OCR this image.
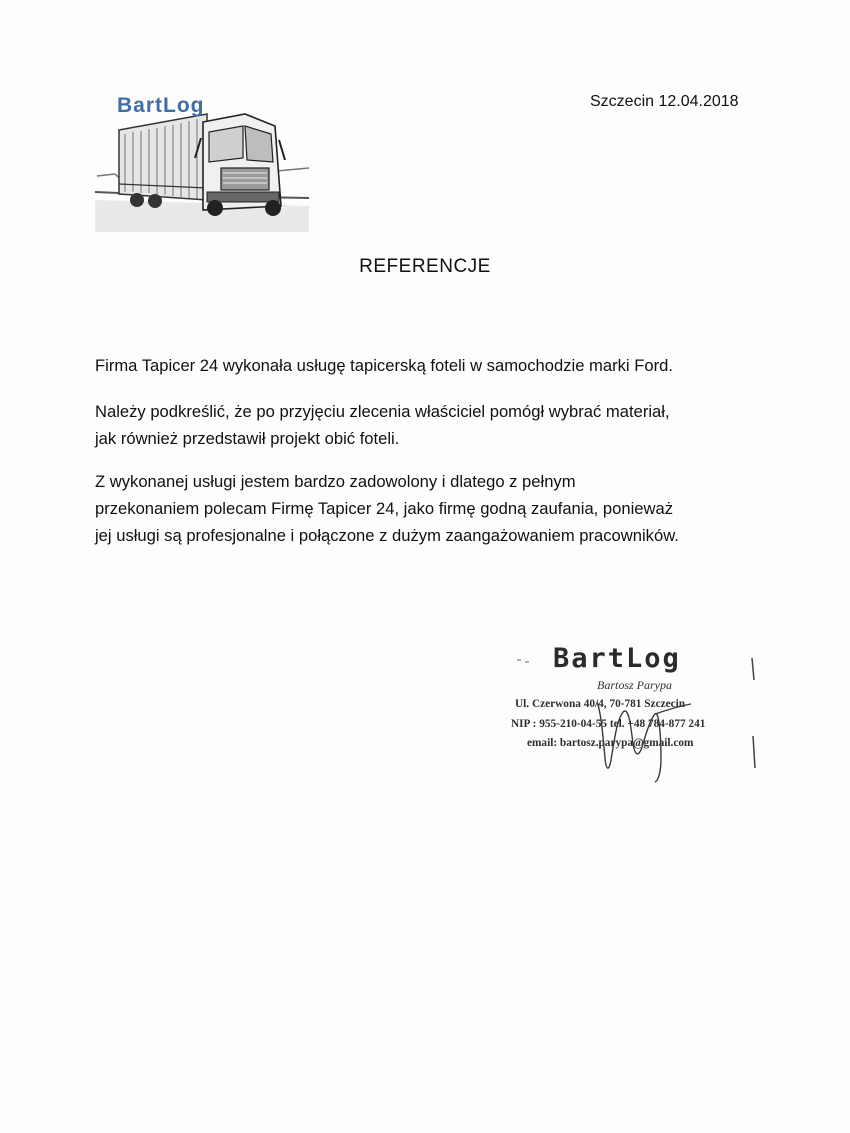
BartLog	Szczecin 12.04.2018
REFERENCJE
Firma Tapicer 24 wykonała usługę tapicerską foteli w samochodzie marki Ford.
Należy podkreślić, że po przyjęciu zlecenia właściciel pomógł wybrać materiał,
jak również przedstawił projekt obić foteli.
Z wykonanej usługi jestem bardzo zadowolony i dlatego z pełnym
przekonaniem polecam Firmę Tapicer 24, jako firmę godną zaufania, ponieważ
jej usługi są profesjonalne i połączone z dużym zaangażowaniem pracowników.
BartLog
Bartosz Parypa
Ul. Czerwona 40/4, 70-781 Szczecin
NIP : 955-210-04-55 tel. +48 784-877 241
email: bartosz.parypa@gmail.com
